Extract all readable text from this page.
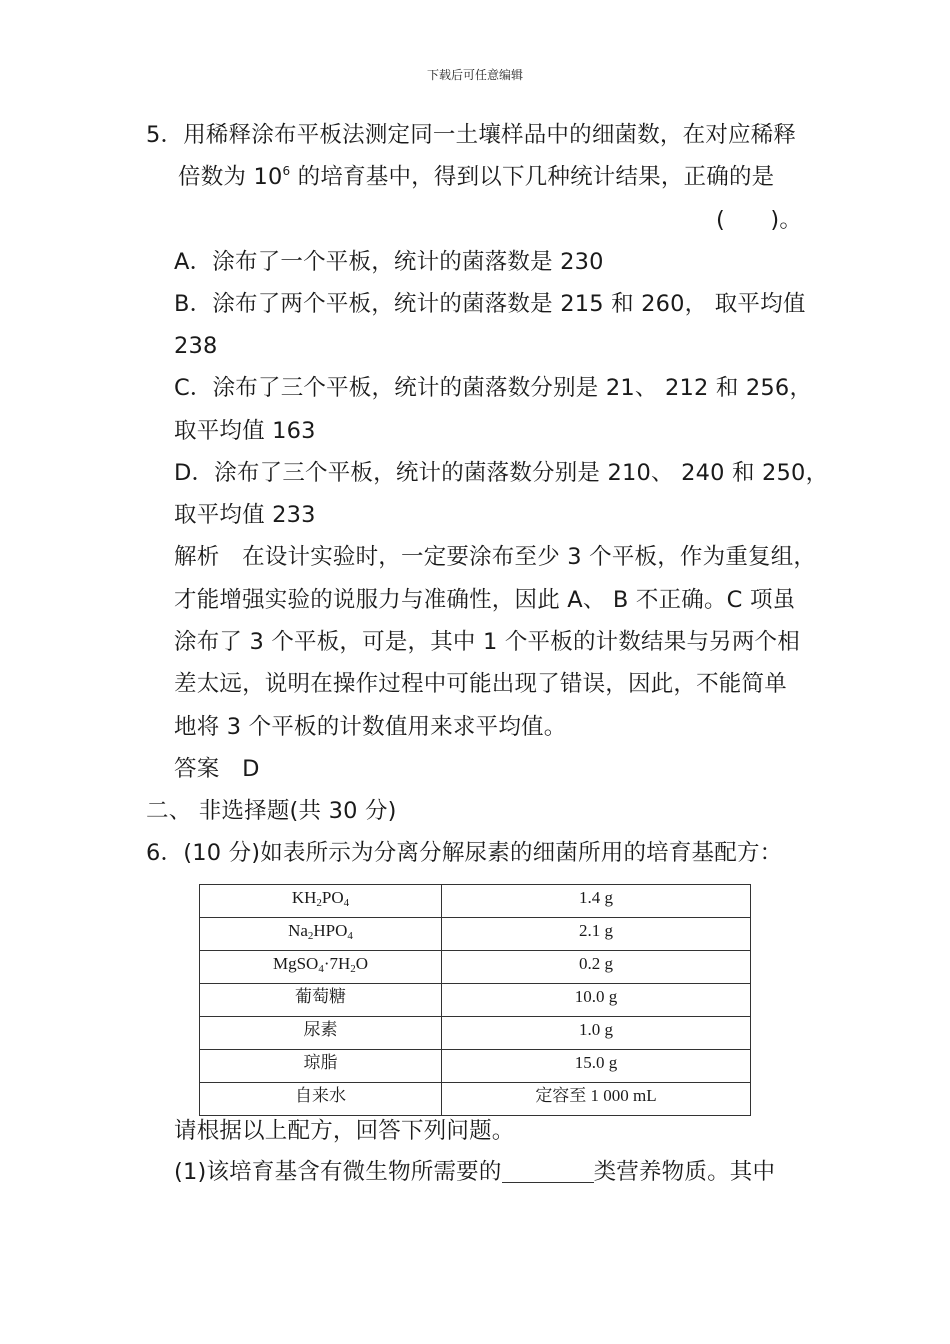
下载后可任意编辑
5．用稀释涂布平板法测定同一土壤样品中的细菌数，在对应稀释
倍数为 $10^6$ 的培育基中，得到以下几种统计结果，正确的是
(　　)。
A．涂布了一个平板，统计的菌落数是 230
B．涂布了两个平板，统计的菌落数是 215 和 260， 取平均值
238
C．涂布了三个平板，统计的菌落数分别是 21、 212 和 256，
取平均值 163
D．涂布了三个平板，统计的菌落数分别是 210、 240 和 250，
取平均值 233
解析　在设计实验时，一定要涂布至少 3 个平板，作为重复组，
才能增强实验的说服力与准确性，因此 A、 B 不正确。C 项虽
涂布了 3 个平板，可是，其中 1 个平板的计数结果与另两个相
差太远，说明在操作过程中可能出现了错误，因此，不能简单
地将 3 个平板的计数值用来求平均值。
答案　D
二、 非选择题(共 30 分)
6．(10 分)如表所示为分离分解尿素的细菌所用的培育基配方：
$KH_2PO_4$	1.4 g
$Na_2HPO_4$	2.1 g
$MgSO_4\cdot 7H_2O$	0.2 g
葡萄糖	10.0 g
尿素	1.0 g
琼脂	15.0 g
自来水	定容至 1 000 mL
请根据以上配方，回答下列问题。
(1)该培育基含有微生物所需要的	类营养物质。其中
